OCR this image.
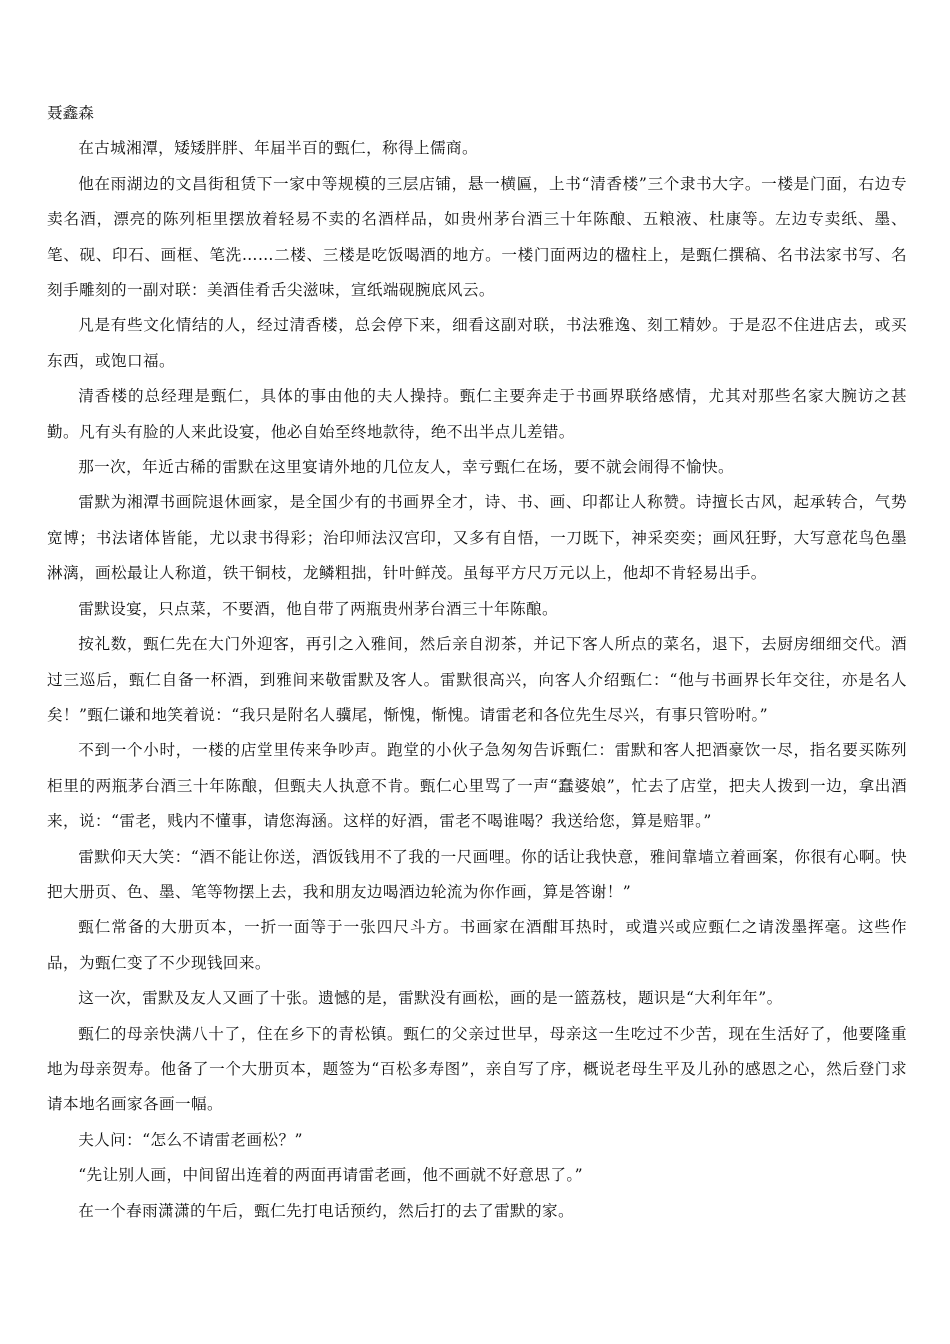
聂鑫森

在古城湘潭，矮矮胖胖、年届半百的甄仁，称得上儒商。

他在雨湖边的文昌街租赁下一家中等规模的三层店铺，悬一横匾，上书“清香楼”三个隶书大字。一楼是门面，右边专卖名酒，漂亮的陈列柜里摆放着轻易不卖的名酒样品，如贵州茅台酒三十年陈酿、五粮液、杜康等。左边专卖纸、墨、笔、砚、印石、画框、笔洗……二楼、三楼是吃饭喝酒的地方。一楼门面两边的楹柱上，是甄仁撰稿、名书法家书写、名刻手雕刻的一副对联：美酒佳肴舌尖滋味，宣纸端砚腕底风云。

凡是有些文化情结的人，经过清香楼，总会停下来，细看这副对联，书法雅逸、刻工精妙。于是忍不住进店去，或买东西，或饱口福。

清香楼的总经理是甄仁，具体的事由他的夫人操持。甄仁主要奔走于书画界联络感情，尤其对那些名家大腕访之甚勤。凡有头有脸的人来此设宴，他必自始至终地款待，绝不出半点儿差错。

那一次，年近古稀的雷默在这里宴请外地的几位友人，幸亏甄仁在场，要不就会闹得不愉快。

雷默为湘潭书画院退休画家，是全国少有的书画界全才，诗、书、画、印都让人称赞。诗擅长古风，起承转合，气势宽博；书法诸体皆能，尤以隶书得彩；治印师法汉宫印，又多有自悟，一刀既下，神采奕奕；画风狂野，大写意花鸟色墨淋漓，画松最让人称道，铁干铜枝，龙鳞粗拙，针叶鲜茂。虽每平方尺万元以上，他却不肯轻易出手。

雷默设宴，只点菜，不要酒，他自带了两瓶贵州茅台酒三十年陈酿。

按礼数，甄仁先在大门外迎客，再引之入雅间，然后亲自沏茶，并记下客人所点的菜名，退下，去厨房细细交代。酒过三巡后，甄仁自备一杯酒，到雅间来敬雷默及客人。雷默很高兴，向客人介绍甄仁：“他与书画界长年交往，亦是名人矣！”甄仁谦和地笑着说：“我只是附名人骥尾，惭愧，惭愧。请雷老和各位先生尽兴，有事只管吩咐。”

不到一个小时，一楼的店堂里传来争吵声。跑堂的小伙子急匆匆告诉甄仁：雷默和客人把酒豪饮一尽，指名要买陈列柜里的两瓶茅台酒三十年陈酿，但甄夫人执意不肯。甄仁心里骂了一声“蠢婆娘”，忙去了店堂，把夫人拨到一边，拿出酒来，说：“雷老，贱内不懂事，请您海涵。这样的好酒，雷老不喝谁喝？我送给您，算是赔罪。”

雷默仰天大笑：“酒不能让你送，酒饭钱用不了我的一尺画哩。你的话让我快意，雅间靠墙立着画案，你很有心啊。快把大册页、色、墨、笔等物摆上去，我和朋友边喝酒边轮流为你作画，算是答谢！”

甄仁常备的大册页本，一折一面等于一张四尺斗方。书画家在酒酣耳热时，或遣兴或应甄仁之请泼墨挥毫。这些作品，为甄仁变了不少现钱回来。

这一次，雷默及友人又画了十张。遗憾的是，雷默没有画松，画的是一篮荔枝，题识是“大利年年”。

甄仁的母亲快满八十了，住在乡下的青松镇。甄仁的父亲过世早，母亲这一生吃过不少苦，现在生活好了，他要隆重地为母亲贺寿。他备了一个大册页本，题签为“百松多寿图”，亲自写了序，概说老母生平及儿孙的感恩之心，然后登门求请本地名画家各画一幅。

夫人问：“怎么不请雷老画松？”

“先让别人画，中间留出连着的两面再请雷老画，他不画就不好意思了。”

在一个春雨潇潇的午后，甄仁先打电话预约，然后打的去了雷默的家。
